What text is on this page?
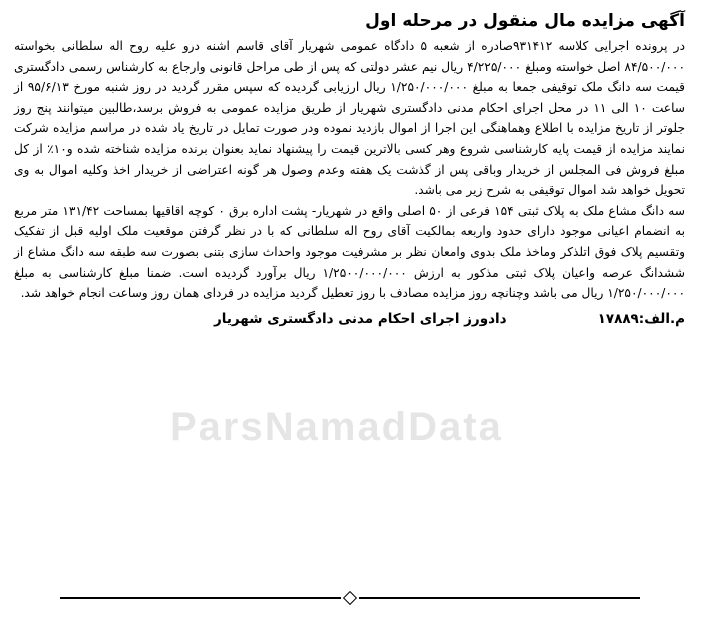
آگهی مزایده مال منقول در مرحله اول

در پرونده اجرایی کلاسه ۹۳۱۴۱۲صادره از شعبه ۵ دادگاه عمومی شهریار آقای قاسم اشنه درو علیه روح اله سلطانی بخواسته ۸۴/۵۰۰/۰۰۰ اصل خواسته ومبلغ ۴/۲۲۵/۰۰۰ ریال نیم عشر دولتی که پس از طی مراحل قانونی وارجاع به کارشناس رسمی دادگستری قیمت سه دانگ ملک توقیفی جمعا به مبلغ ۱/۲۵۰/۰۰۰/۰۰۰ ریال ارزیابی گردیده که سپس مقرر گردید در روز شنبه مورخ ۹۵/۶/۱۳ از ساعت ۱۰ الی ۱۱ در محل اجرای احکام مدنی دادگستری شهریار از طریق مزایده عمومی به فروش برسد،طالبین میتوانند پنج روز جلوتر از تاریخ مزایده با اطلاع وهماهنگی این اجرا از اموال بازدید نموده ودر صورت تمایل در تاریخ یاد شده در مراسم مزایده شرکت نمایند مزایده از قیمت پایه کارشناسی شروع وهر کسی بالاترین قیمت را پیشنهاد نماید بعنوان برنده مزایده شناخته شده و۱۰٪ از کل مبلغ فروش فی المجلس از خریدار وباقی پس از گذشت یک هفته وعدم وصول هر گونه اعتراضی از خریدار اخذ وکلیه اموال به وی تحویل خواهد شد اموال توقیفی به شرح زیر می باشد.

سه دانگ مشاع ملک به پلاک ثبتی ۱۵۴ فرعی از ۵۰ اصلی واقع در شهریار- پشت اداره برق ۰ کوچه اقاقیها بمساحت ۱۳۱/۴۲ متر مربع به انضمام اعیانی موجود دارای حدود واربعه بمالکیت آقای روح اله سلطانی که با در نظر گرفتن موقعیت ملک اولیه قبل از تفکیک وتقسیم پلاک فوق اتلذکر وماخذ ملک بدوی وامعان نظر بر مشرفیت موجود واحداث سازی بتنی بصورت سه طبقه سه دانگ مشاع از ششدانگ عرصه واعیان پلاک ثبتی مذکور به ارزش ۱/۲۵۰۰/۰۰۰/۰۰۰ ریال برآورد گردیده است. ضمنا مبلغ کارشناسی به مبلغ ۱/۲۵۰/۰۰۰/۰۰۰ ریال می باشد وچنانچه روز مزایده مصادف با روز تعطیل گردید مزایده در فردای همان روز وساعت انجام خواهد شد.

م.الف:۱۷۸۸۹
دادورز اجرای احکام مدنی دادگستری شهریار
ParsNamadData
